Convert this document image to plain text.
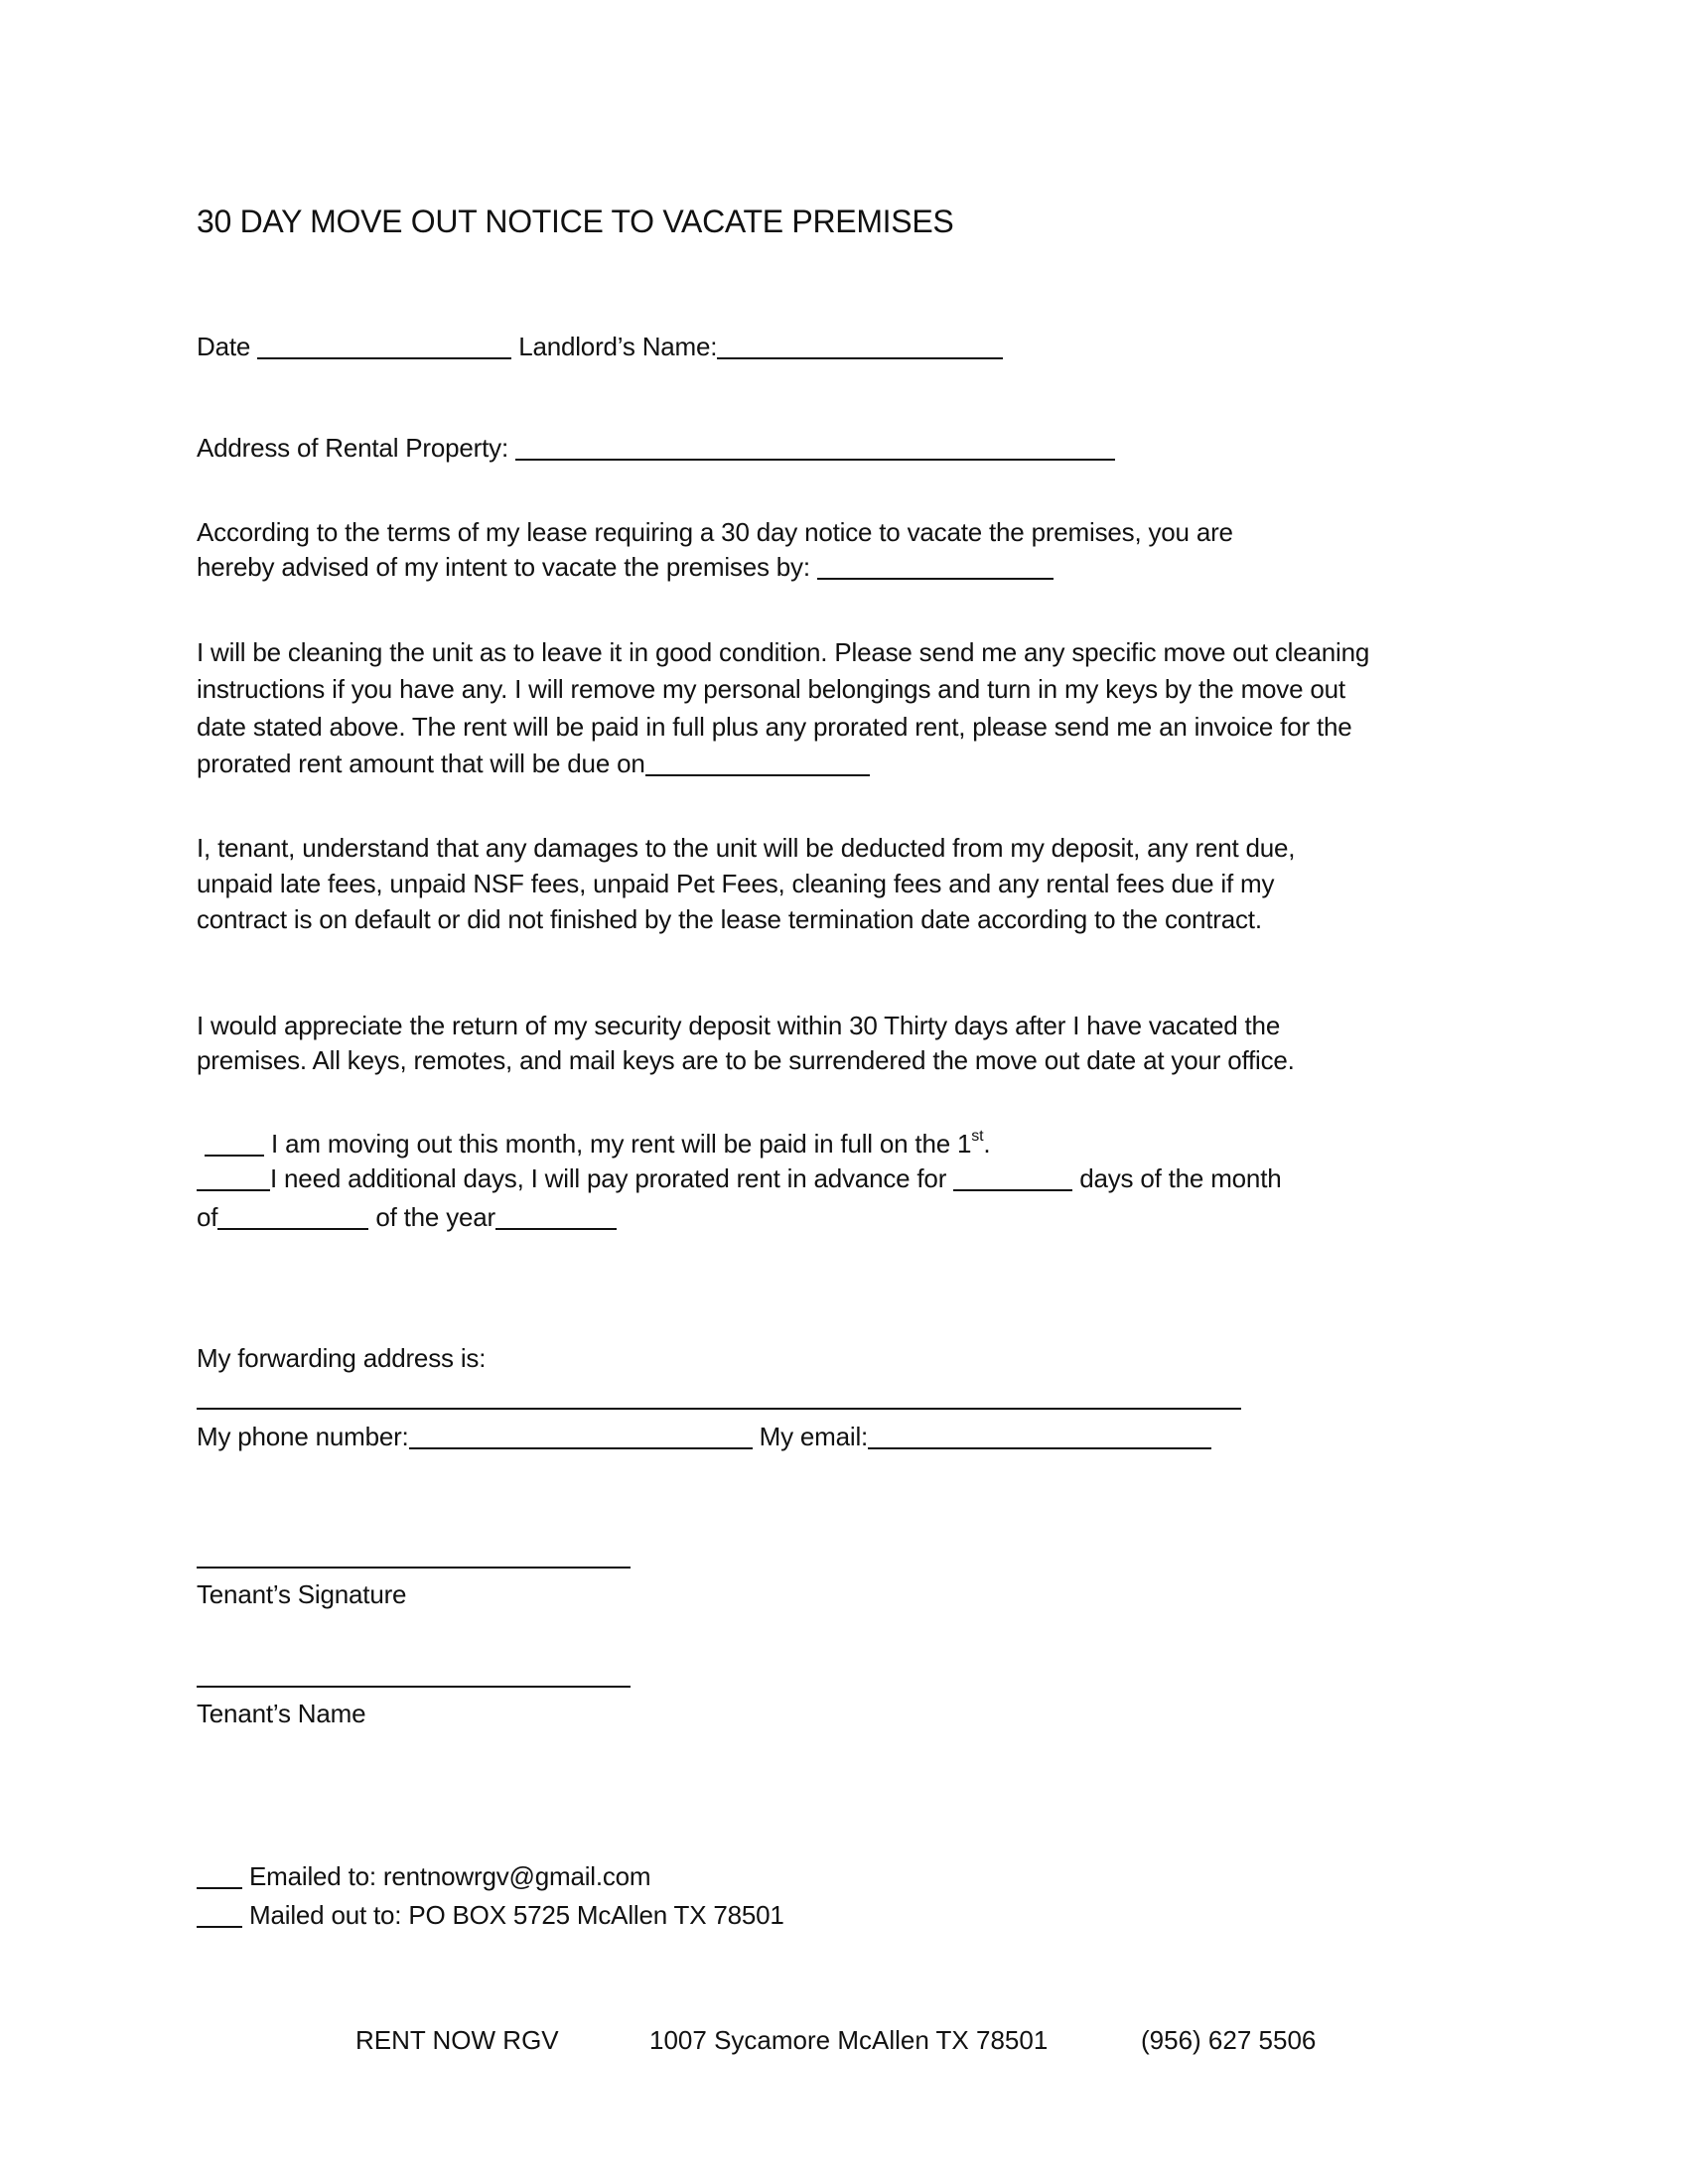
30 DAY MOVE OUT NOTICE TO VACATE PREMISES
Date	Landlord’s Name:
Address of Rental Property:
According to the terms of my lease requiring a 30 day notice to vacate the premises, you are
hereby advised of my intent to vacate the premises by:
I will be cleaning the unit as to leave it in good condition. Please send me any specific move out cleaning
instructions if you have any. I will remove my personal belongings and turn in my keys by the move out
date stated above. The rent will be paid in full plus any prorated rent, please send me an invoice for the
prorated rent amount that will be due on
I, tenant, understand that any damages to the unit will be deducted from my deposit, any rent due,
unpaid late fees, unpaid NSF fees, unpaid Pet Fees, cleaning fees and any rental fees due if my
contract is on default or did not finished by the lease termination date according to the contract.
I would appreciate the return of my security deposit within 30 Thirty days after I have vacated the
premises. All keys, remotes, and mail keys are to be surrendered the move out date at your office.
I am moving out this month, my rent will be paid in full on the 1st.
I need additional days, I will pay prorated rent in advance for	days of the month
of	of the year
My forwarding address is:
My phone number:	My email:
Tenant’s Signature
Tenant’s Name
Emailed to: rentnowrgv@gmail.com
Mailed out to: PO BOX 5725 McAllen TX 78501
RENT NOW RGV	1007 Sycamore McAllen TX 78501	(956) 627 5506
